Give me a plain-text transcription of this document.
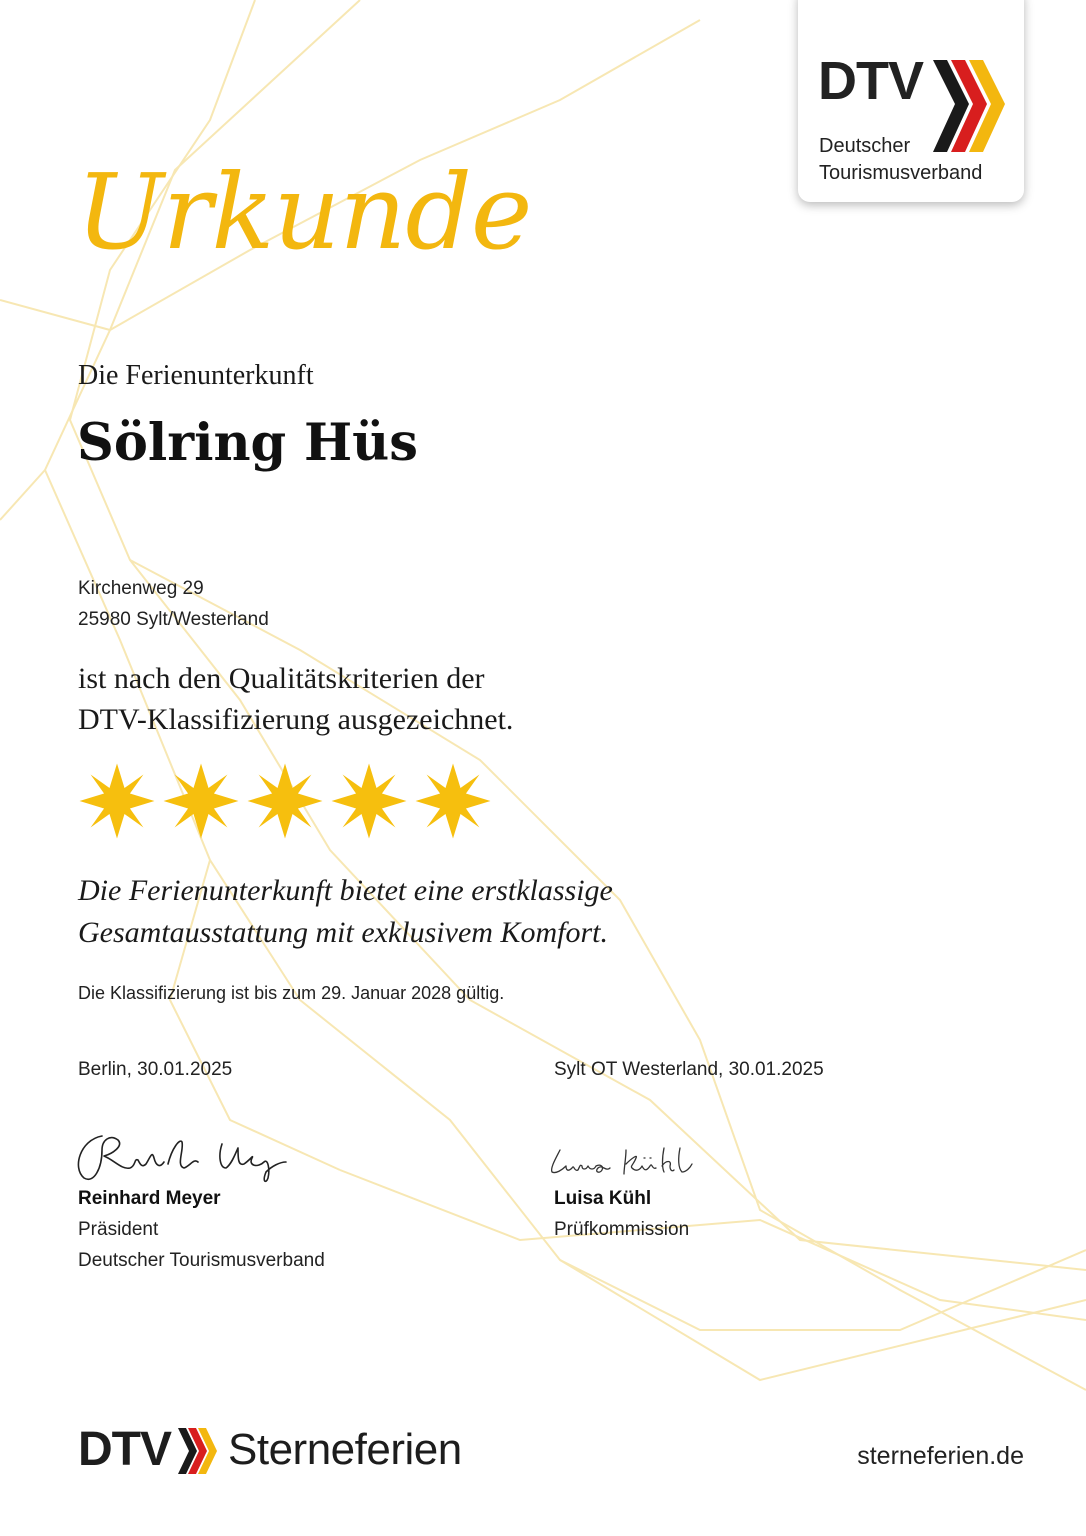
DTV
Deutscher
Tourismusverband
Urkunde
Die Ferienunterkunft
Sölring Hüs
Kirchenweg 29
25980 Sylt/Westerland
ist nach den Qualitätskriterien der
DTV-Klassifizierung ausgezeichnet.
Die Ferienunterkunft bietet eine erstklassige
Gesamtausstattung mit exklusivem Komfort.
Die Klassifizierung ist bis zum 29. Januar 2028 gültig.
Berlin, 30.01.2025
Reinhard Meyer
Präsident
Deutscher Tourismusverband
Sylt OT Westerland, 30.01.2025
Luisa Kühl
Prüfkommission
DTV Sterneferien	sterneferien.de
